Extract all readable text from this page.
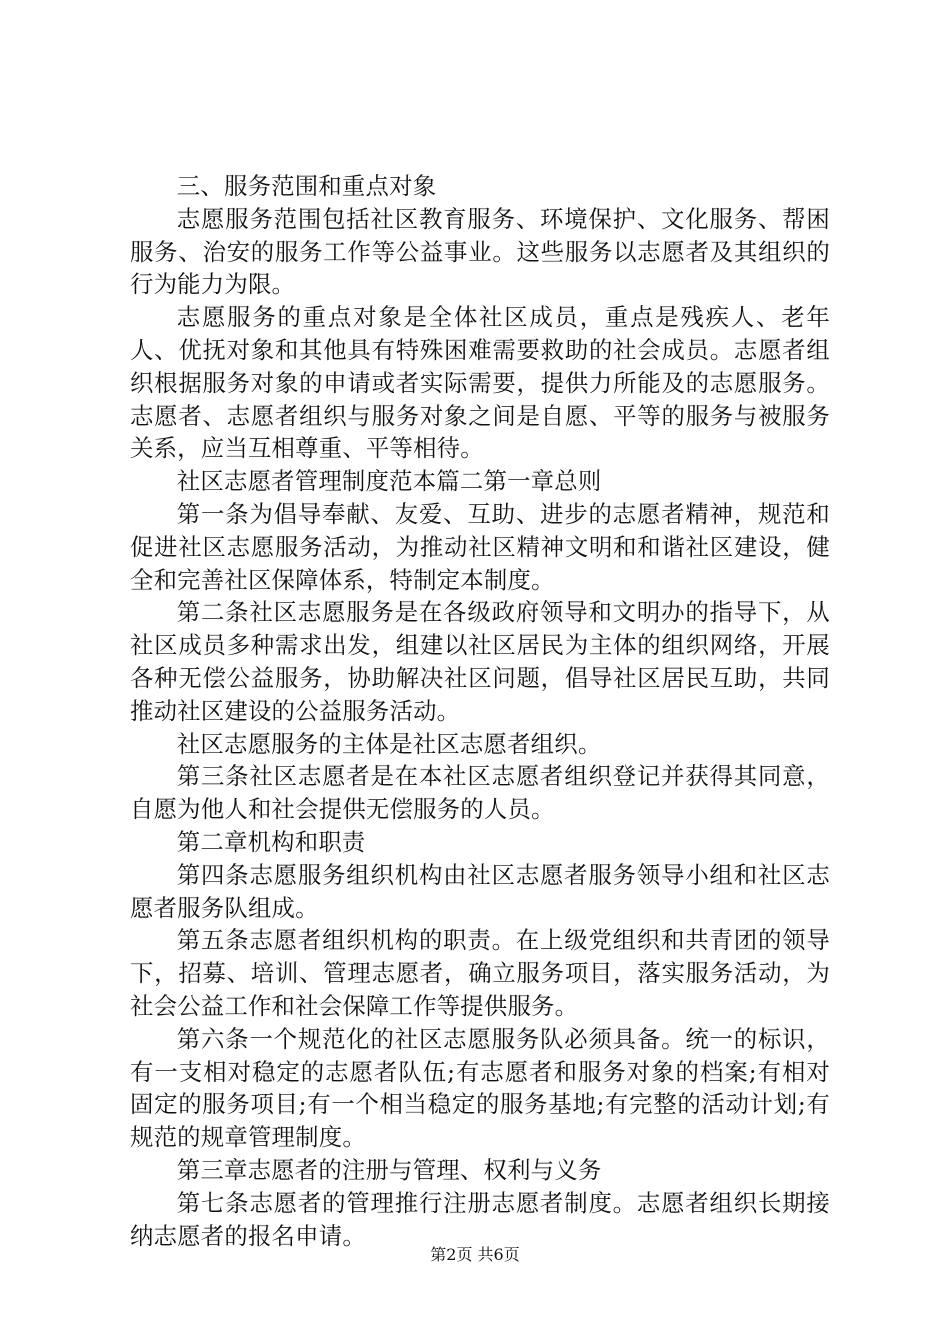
三、服务范围和重点对象

志愿服务范围包括社区教育服务、环境保护、文化服务、帮困服务、治安的服务工作等公益事业。这些服务以志愿者及其组织的行为能力为限。

志愿服务的重点对象是全体社区成员，重点是残疾人、老年人、优抚对象和其他具有特殊困难需要救助的社会成员。志愿者组织根据服务对象的申请或者实际需要，提供力所能及的志愿服务。志愿者、志愿者组织与服务对象之间是自愿、平等的服务与被服务关系，应当互相尊重、平等相待。

社区志愿者管理制度范本篇二第一章总则

第一条为倡导奉献、友爱、互助、进步的志愿者精神，规范和促进社区志愿服务活动，为推动社区精神文明和和谐社区建设，健全和完善社区保障体系，特制定本制度。

第二条社区志愿服务是在各级政府领导和文明办的指导下，从社区成员多种需求出发，组建以社区居民为主体的组织网络，开展各种无偿公益服务，协助解决社区问题，倡导社区居民互助，共同推动社区建设的公益服务活动。

社区志愿服务的主体是社区志愿者组织。

第三条社区志愿者是在本社区志愿者组织登记并获得其同意，自愿为他人和社会提供无偿服务的人员。

第二章机构和职责

第四条志愿服务组织机构由社区志愿者服务领导小组和社区志愿者服务队组成。

第五条志愿者组织机构的职责。在上级党组织和共青团的领导下，招募、培训、管理志愿者，确立服务项目，落实服务活动，为社会公益工作和社会保障工作等提供服务。

第六条一个规范化的社区志愿服务队必须具备。统一的标识，有一支相对稳定的志愿者队伍;有志愿者和服务对象的档案;有相对固定的服务项目;有一个相当稳定的服务基地;有完整的活动计划;有规范的规章管理制度。

第三章志愿者的注册与管理、权利与义务

第七条志愿者的管理推行注册志愿者制度。志愿者组织长期接纳志愿者的报名申请。

第2页 共6页
